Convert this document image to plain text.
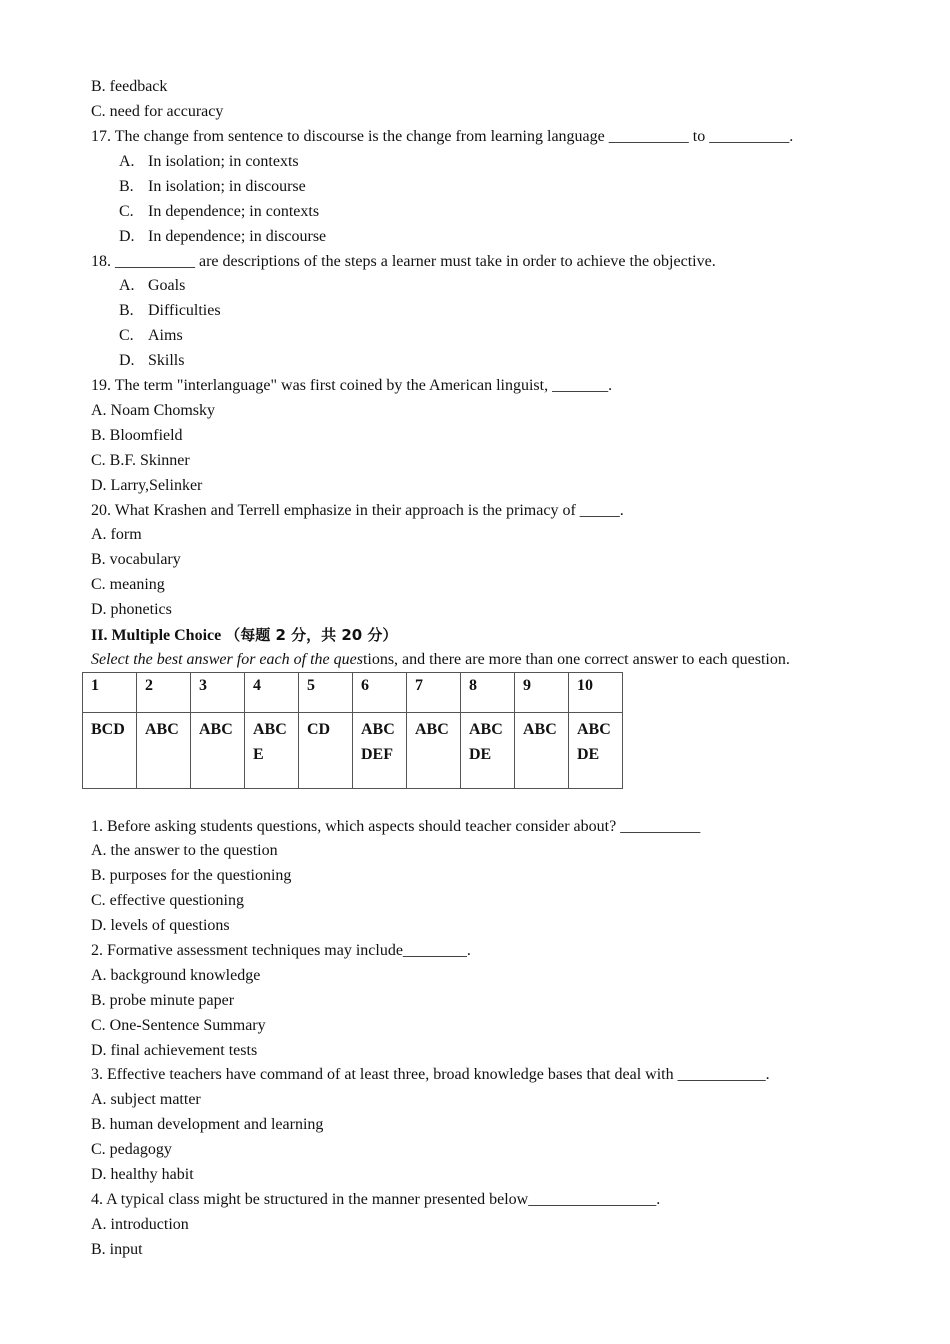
B. feedback
C. need for accuracy
17. The change from sentence to discourse is the change from learning language __________ to __________.
A. In isolation; in contexts
B. In isolation; in discourse
C. In dependence; in contexts
D. In dependence; in discourse
18. __________ are descriptions of the steps a learner must take in order to achieve the objective.
A. Goals
B. Difficulties
C. Aims
D. Skills
19. The term "interlanguage" was first coined by the American linguist, _______.
A. Noam Chomsky
B. Bloomfield
C. B.F. Skinner
D. Larry,Selinker
20. What Krashen and Terrell emphasize in their approach is the primacy of _____.
A. form
B. vocabulary
C. meaning
D. phonetics
II. Multiple Choice （每题 2 分，共 20 分）
Select the best answer for each of the questions, and there are more than one correct answer to each question.
1	2	3	4	5	6	7	8	9	10

BCD	ABC	ABC	ABCE	CD	ABCDEF	ABC	ABCDE	ABC	ABCDE
1. Before asking students questions, which aspects should teacher consider about? __________
A. the answer to the question
B. purposes for the questioning
C. effective questioning
D. levels of questions
2. Formative assessment techniques may include________.
A. background knowledge
B. probe minute paper
C. One-Sentence Summary
D. final achievement tests
3. Effective teachers have command of at least three, broad knowledge bases that deal with ___________.
A. subject matter
B. human development and learning
C. pedagogy
D. healthy habit
4. A typical class might be structured in the manner presented below________________.
A. introduction
B. input
